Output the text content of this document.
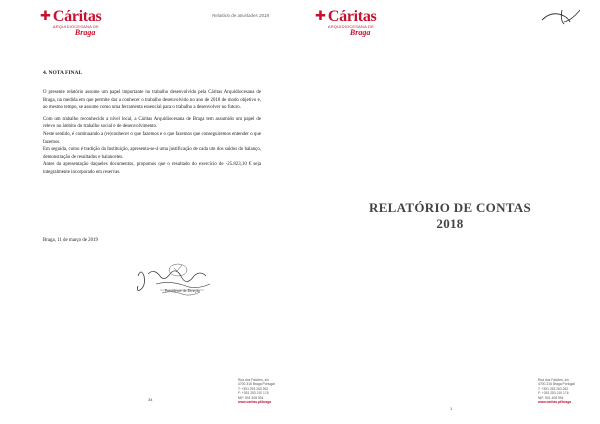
✚ Cáritas
ARQUIDIOCESANA DE
Braga
Relatório de atividades 2018
4. NOTA FINAL

O presente relatório assume um papel importante no trabalho desenvolvido pela Cáritas Arquidiocesana de Braga, na medida em que permite dar a conhecer o trabalho desenvolvido no ano de 2018 de modo objetivo e, ao mesmo tempo, se assume como uma ferramenta essencial para o trabalho a desenvolver no futuro.

Com um trabalho reconhecido a nível local, a Cáritas Arquidiocesana de Braga tem assumido um papel de relevo no âmbito do trabalho social e de desenvolvimento.

Neste sentido, é continuando a (re)conhecer o que fazemos e o que fazemos que conseguiremos entender o que fazemos.

Em seguida, como é tradição da Instituição, apresenta-se-á uma justificação de cada um dos saldos do balanço, demonstração de resultados e balancetes.

Antes da apresentação daqueles documentos, propomos que o resultado do exercício de -25.823,10 € seja integralmente incorporado em reservas.

Braga, 11 de março de 2019
Presidente da Direção
34
Rua dos Falcões, s/n
4700-316 Braga Portugal
T: +351 253 263 262
F: +351 253 210 176
NIF: 501 408 594
www.caritas.pt/braga
✚ Cáritas
ARQUIDIOCESANA DE
Braga
1
Rua dos Falcões, s/n
4700-316 Braga Portugal
T: +351 253 263 262
F: +351 253 210 176
NIF: 501 408 594
www.caritas.pt/braga
RELATÓRIO DE CONTAS
2018
